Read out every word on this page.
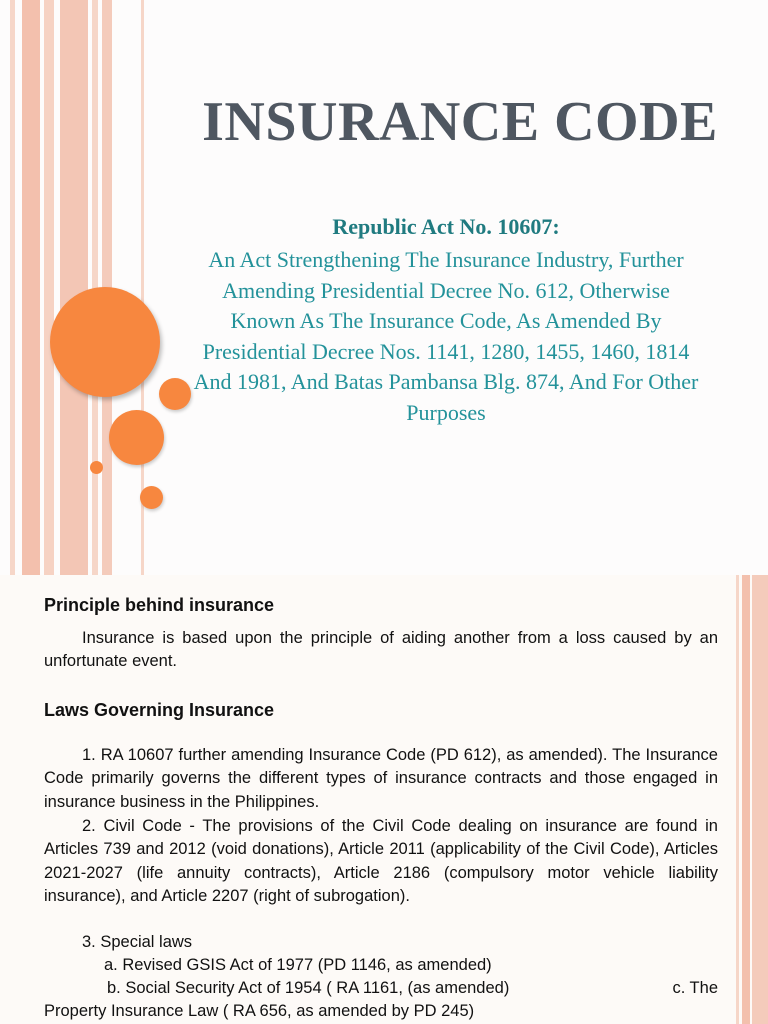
INSURANCE CODE

Republic Act No. 10607:

An Act Strengthening The Insurance Industry, Further Amending Presidential Decree No. 612, Otherwise Known As The Insurance Code, As Amended By Presidential Decree Nos. 1141, 1280, 1455, 1460, 1814 And 1981, And Batas Pambansa Blg. 874, And For Other Purposes

Principle behind insurance
Insurance is based upon the principle of aiding another from a loss caused by an unfortunate event.
Laws Governing Insurance
1. RA 10607 further amending Insurance Code (PD 612), as amended). The Insurance Code primarily governs the different types of insurance contracts and those engaged in insurance business in the Philippines.
2. Civil Code - The provisions of the Civil Code dealing on insurance are found in Articles 739 and 2012 (void donations), Article 2011 (applicability of the Civil Code), Articles 2021-2027 (life annuity contracts), Article 2186 (compulsory motor vehicle liability insurance), and Article 2207 (right of subrogation).
3. Special laws
a. Revised GSIS Act of 1977 (PD 1146, as amended)
b. Social Security Act of 1954 ( RA 1161, (as amended)	c. The
Property Insurance Law ( RA 656, as amended by PD 245)
